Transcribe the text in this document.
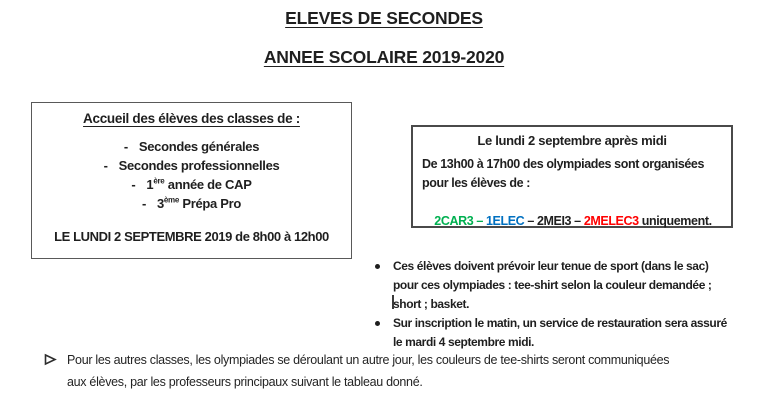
ELEVES DE SECONDES
ANNEE SCOLAIRE 2019-2020
Accueil des élèves des classes de :
- Secondes générales
- Secondes professionnelles
- 1ère année de CAP
- 3ème Prépa Pro
LE LUNDI 2 SEPTEMBRE 2019 de 8h00 à 12h00
Le lundi 2 septembre après midi
De 13h00 à 17h00 des olympiades sont organisées
pour les élèves de :

2CAR3 – 1ELEC – 2MEI3 – 2MELEC3 uniquement.

Ces élèves doivent prévoir leur tenue de sport (dans le sac)
pour ces olympiades : tee-shirt selon la couleur demandée ;
short ; basket.
Sur inscription le matin, un service de restauration sera assuré
le mardi 4 septembre midi.
Pour les autres classes, les olympiades se déroulant un autre jour, les couleurs de tee-shirts seront communiquées
aux élèves, par les professeurs principaux suivant le tableau donné.
